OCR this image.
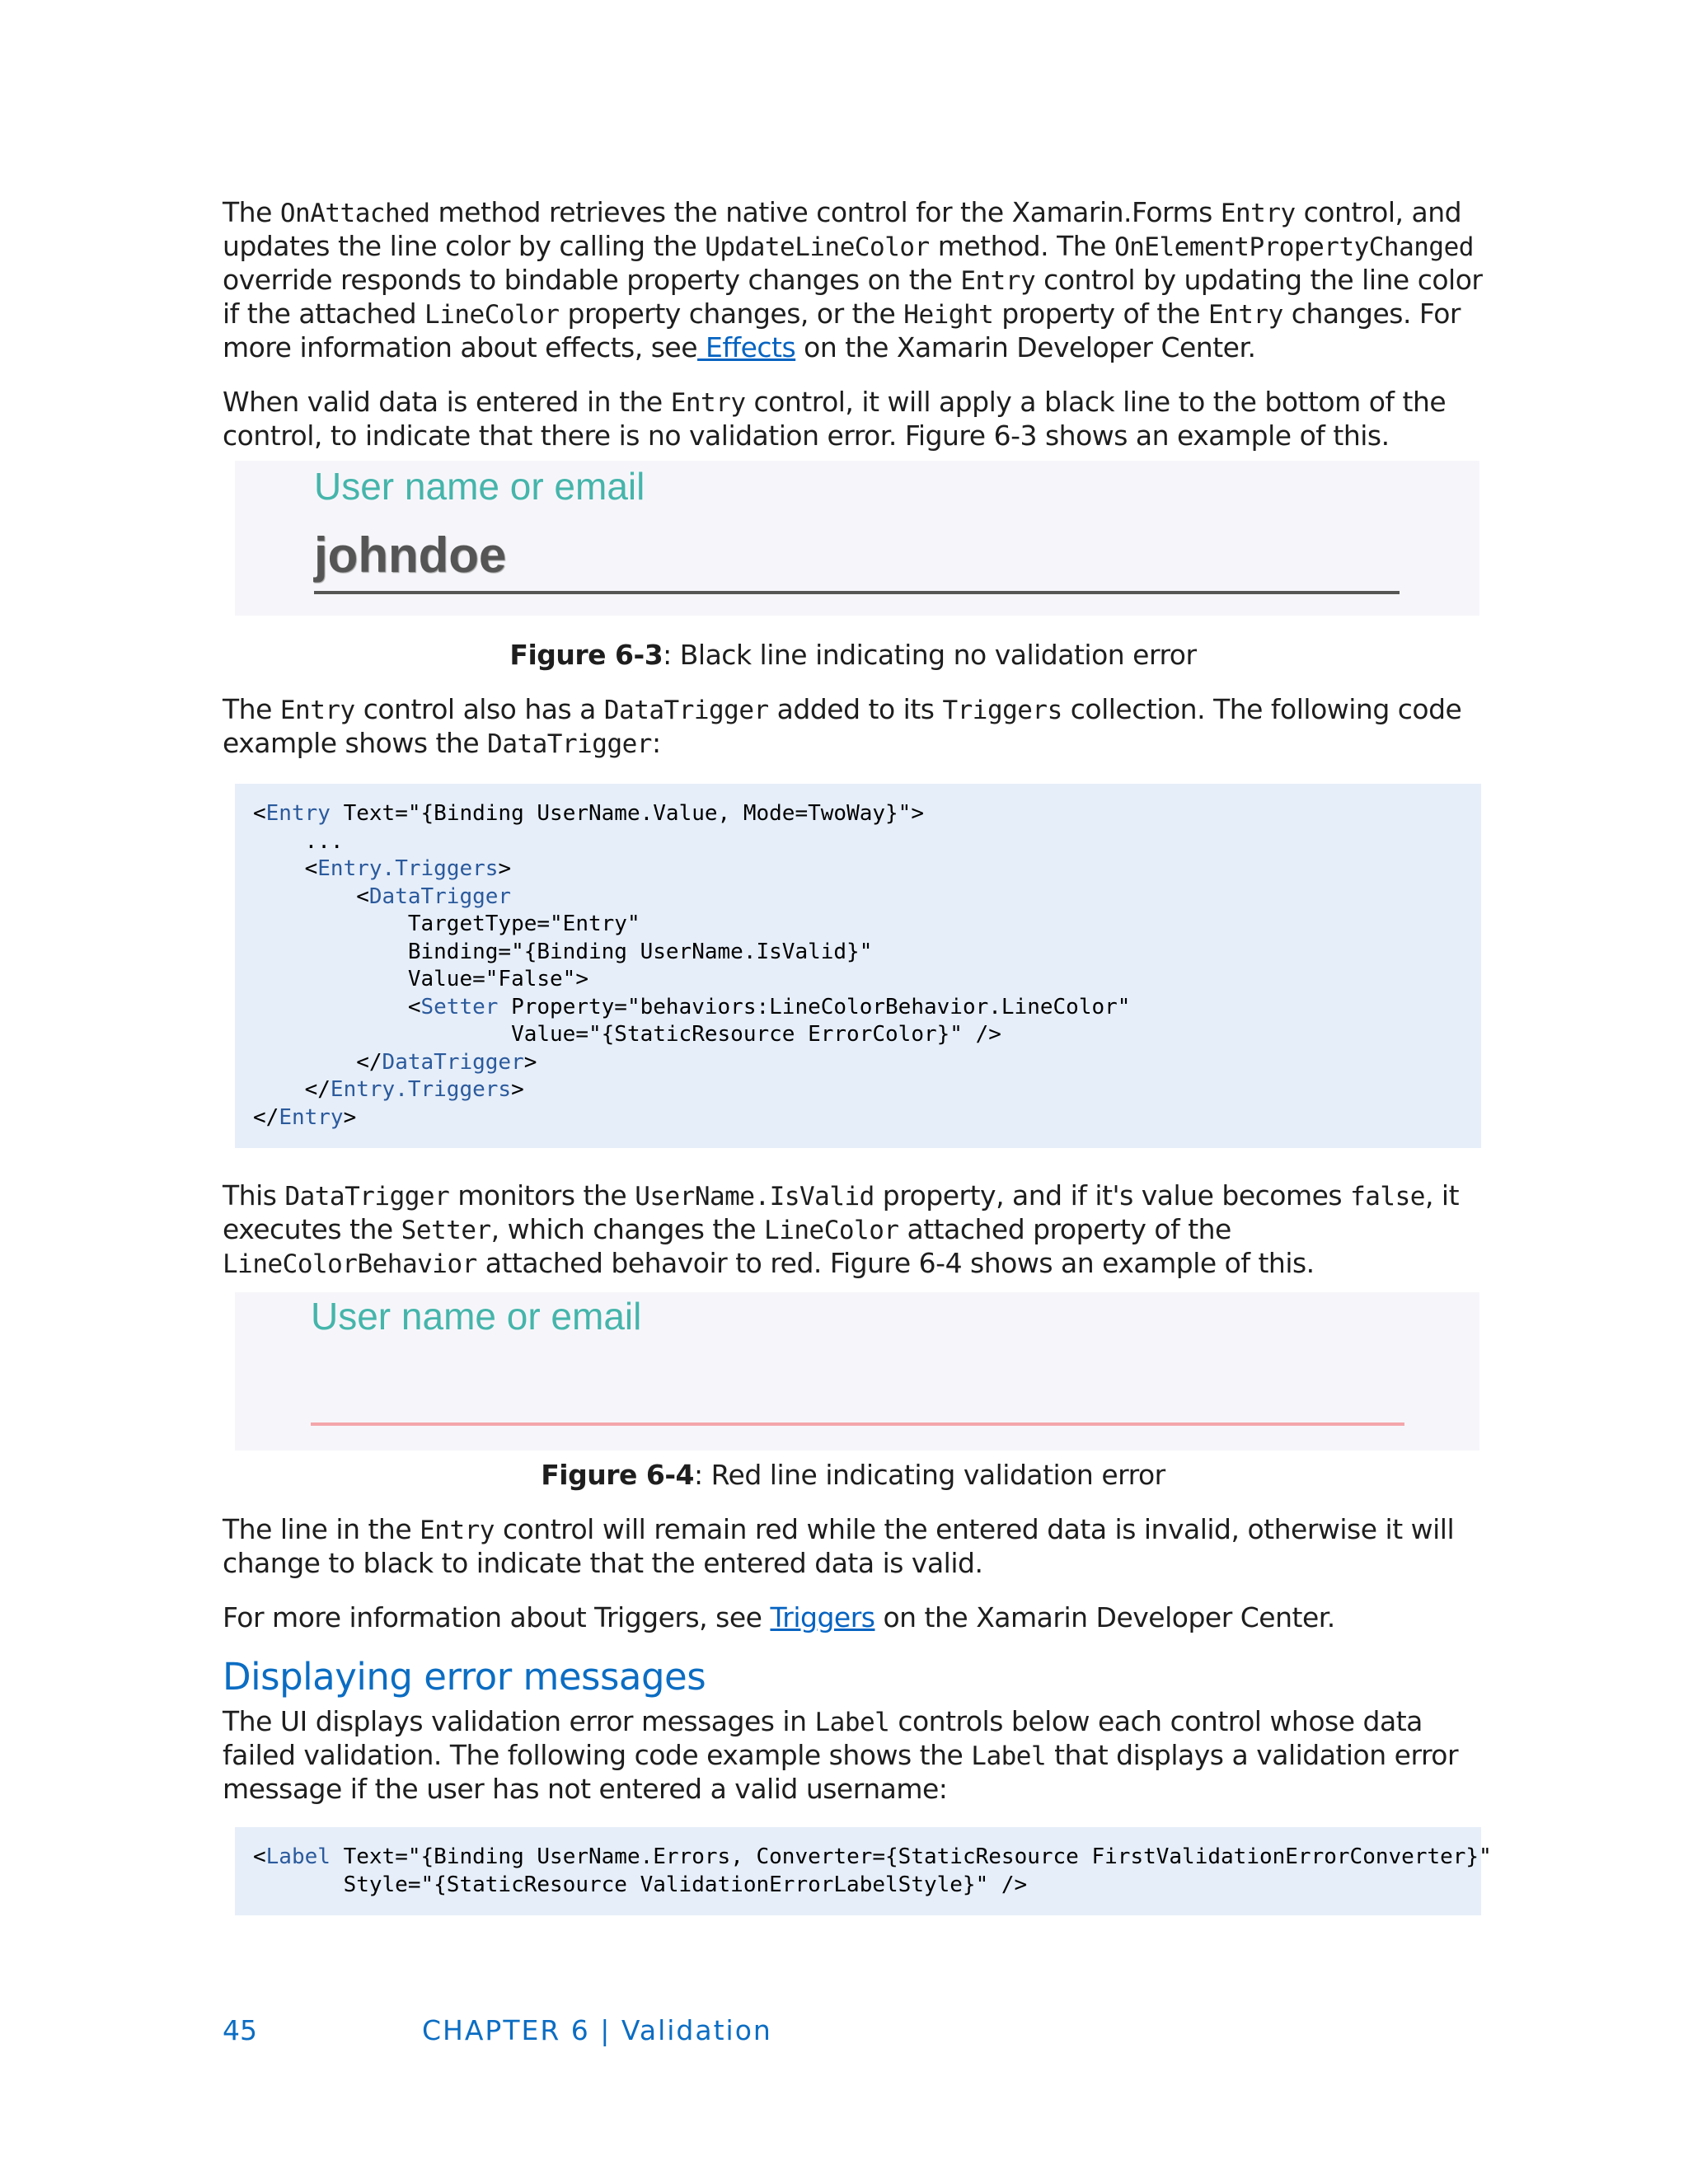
The OnAttached method retrieves the native control for the Xamarin.Forms Entry control, and updates the line color by calling the UpdateLineColor method. The OnElementPropertyChanged override responds to bindable property changes on the Entry control by updating the line color if the attached LineColor property changes, or the Height property of the Entry changes. For more information about effects, see Effects on the Xamarin Developer Center.

When valid data is entered in the Entry control, it will apply a black line to the bottom of the control, to indicate that there is no validation error. Figure 6-3 shows an example of this.

User name or email
johndoe

Figure 6-3: Black line indicating no validation error

The Entry control also has a DataTrigger added to its Triggers collection. The following code example shows the DataTrigger:

<Entry Text="{Binding UserName.Value, Mode=TwoWay}">
...
<Entry.Triggers>
<DataTrigger
TargetType="Entry"
Binding="{Binding UserName.IsValid}"
Value="False">
<Setter Property="behaviors:LineColorBehavior.LineColor"
Value="{StaticResource ErrorColor}" />
</DataTrigger>
</Entry.Triggers>
</Entry>

This DataTrigger monitors the UserName.IsValid property, and if it's value becomes false, it executes the Setter, which changes the LineColor attached property of the LineColorBehavior attached behavoir to red. Figure 6-4 shows an example of this.

User name or email

Figure 6-4: Red line indicating validation error

The line in the Entry control will remain red while the entered data is invalid, otherwise it will change to black to indicate that the entered data is valid.

For more information about Triggers, see Triggers on the Xamarin Developer Center.

Displaying error messages

The UI displays validation error messages in Label controls below each control whose data failed validation. The following code example shows the Label that displays a validation error message if the user has not entered a valid username:

<Label Text="{Binding UserName.Errors, Converter={StaticResource FirstValidationErrorConverter}"
Style="{StaticResource ValidationErrorLabelStyle}" />
45	CHAPTER 6 | Validation
